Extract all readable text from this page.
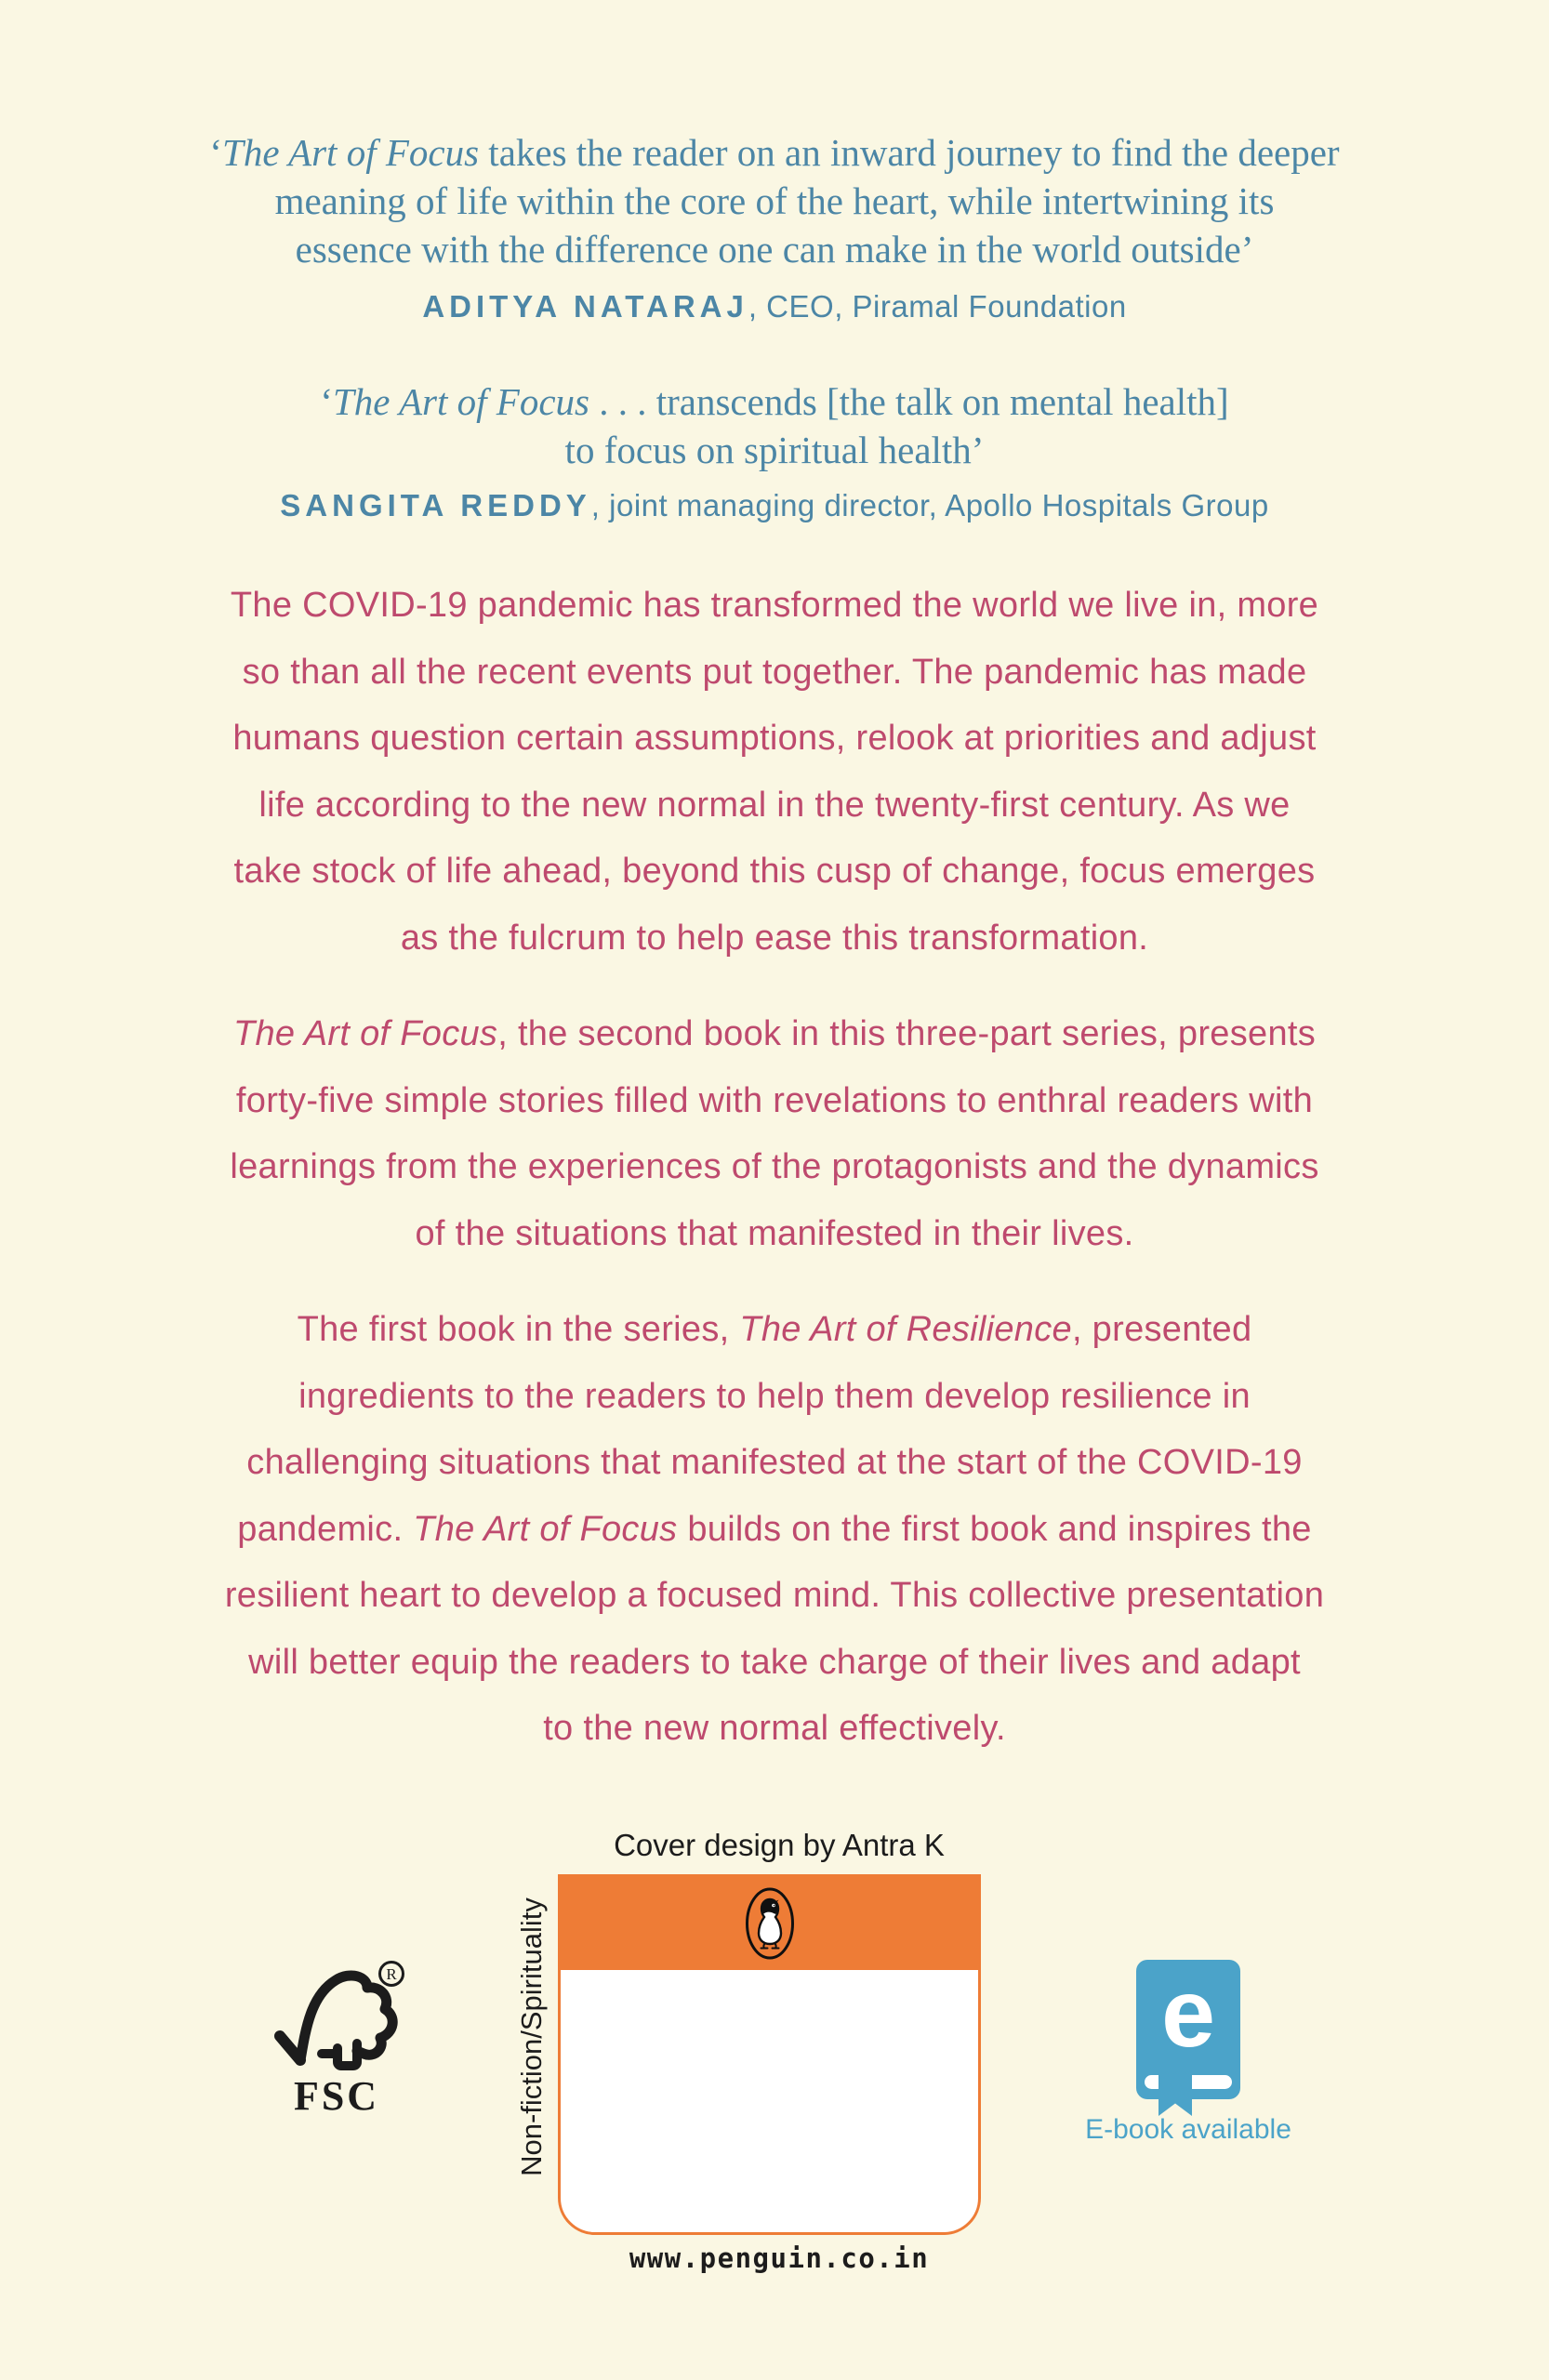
‘The Art of Focus takes the reader on an inward journey to find the deeper
meaning of life within the core of the heart, while intertwining its
essence with the difference one can make in the world outside’
ADITYA NATARAJ, CEO, Piramal Foundation
‘The Art of Focus . . . transcends [the talk on mental health]
to focus on spiritual health’
SANGITA REDDY, joint managing director, Apollo Hospitals Group
The COVID-19 pandemic has transformed the world we live in, more
so than all the recent events put together. The pandemic has made
humans question certain assumptions, relook at priorities and adjust
life according to the new normal in the twenty-first century. As we
take stock of life ahead, beyond this cusp of change, focus emerges
as the fulcrum to help ease this transformation.
The Art of Focus, the second book in this three-part series, presents
forty-five simple stories filled with revelations to enthral readers with
learnings from the experiences of the protagonists and the dynamics
of the situations that manifested in their lives.
The first book in the series, The Art of Resilience, presented
ingredients to the readers to help them develop resilience in
challenging situations that manifested at the start of the COVID-19
pandemic. The Art of Focus builds on the first book and inspires the
resilient heart to develop a focused mind. This collective presentation
will better equip the readers to take charge of their lives and adapt
to the new normal effectively.
Cover design by Antra K
R
FSC	Non-fiction/Spirituality	e
E-book available
www.penguin.co.in
